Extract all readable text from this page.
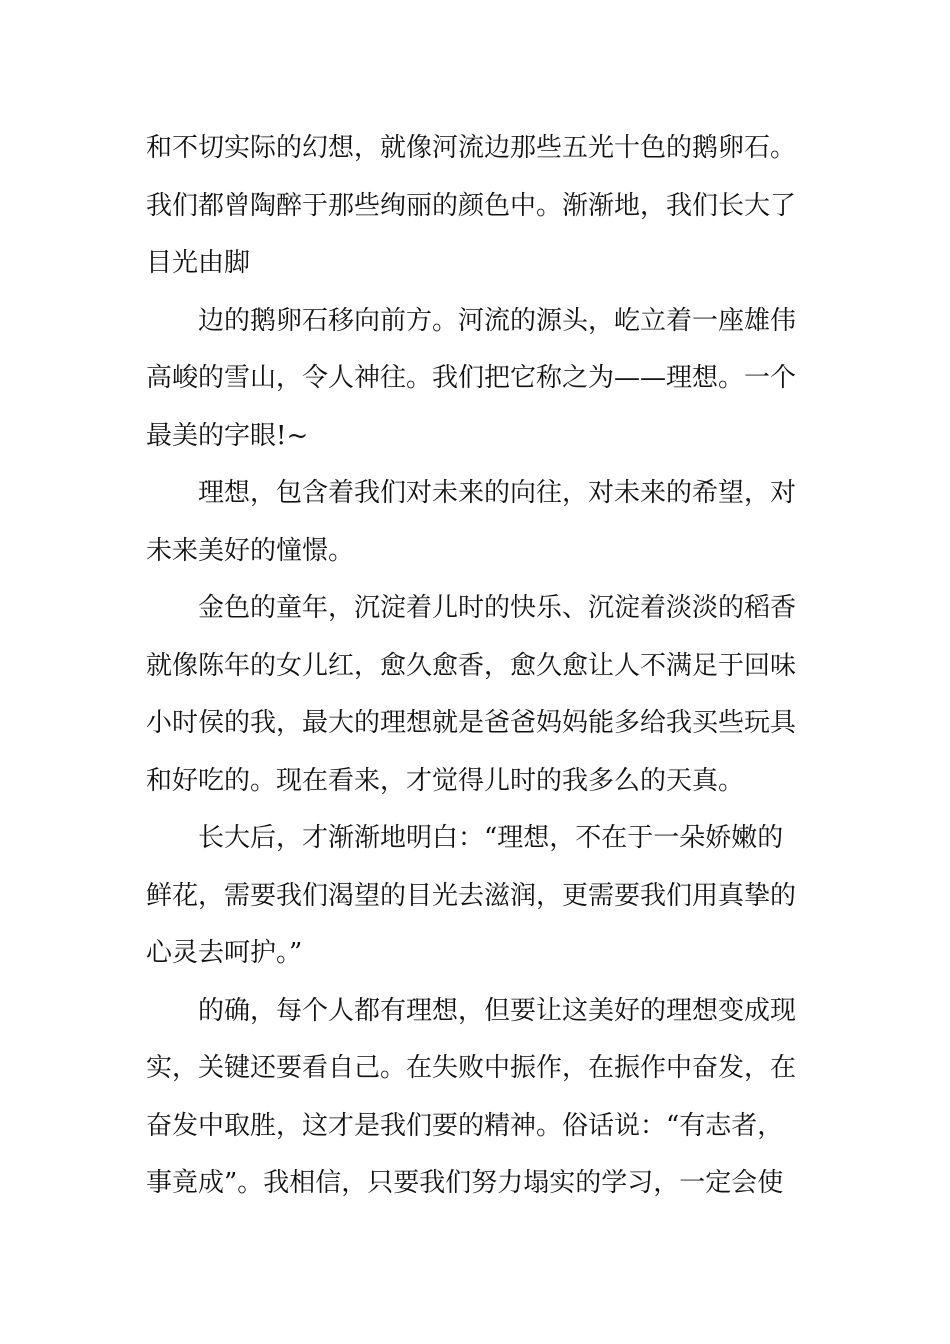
和不切实际的幻想，就像河流边那些五光十色的鹅卵石。
我们都曾陶醉于那些绚丽的颜色中。渐渐地，我们长大了
目光由脚
边的鹅卵石移向前方。河流的源头，屹立着一座雄伟
高峻的雪山，令人神往。我们把它称之为——理想。一个
最美的字眼!~
理想，包含着我们对未来的向往，对未来的希望，对
未来美好的憧憬。
金色的童年，沉淀着儿时的快乐、沉淀着淡淡的稻香
就像陈年的女儿红，愈久愈香，愈久愈让人不满足于回味
小时侯的我，最大的理想就是爸爸妈妈能多给我买些玩具
和好吃的。现在看来，才觉得儿时的我多么的天真。
长大后，才渐渐地明白：“理想，不在于一朵娇嫩的
鲜花，需要我们渴望的目光去滋润，更需要我们用真挚的
心灵去呵护。”
的确，每个人都有理想，但要让这美好的理想变成现
实，关键还要看自己。在失败中振作，在振作中奋发，在
奋发中取胜，这才是我们要的精神。俗话说：“有志者，
事竟成”。我相信，只要我们努力塌实的学习，一定会使
